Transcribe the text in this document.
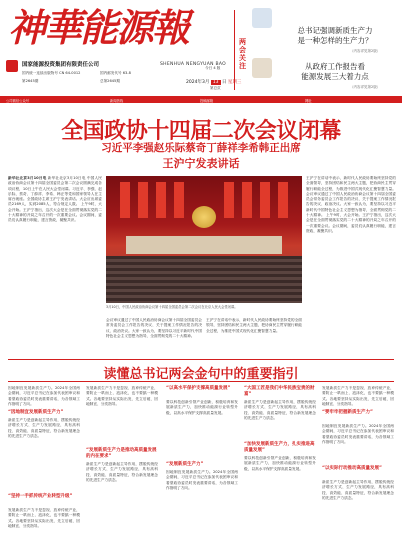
神華能源報
国家能源投资集团有限责任公司	SHENHUA NENGYUAN BAO
国内统一连续出版物号 CN 64-0012	国内邮发代号 63-8
第2645期	总第2645期	2024年3月 13 日 星期三
今日 4 版
第总页
两会关注
总书记强调新质生产力
是一种怎样的生产力？
（内容详见第2版）
从政府工作报告看
能源发展三大着力点
（内容详见第2版）
公司微信公众号	新闻热线	投稿邮箱	网址
全国政协十四届二次会议闭幕
习近平李强赵乐际蔡奇丁薛祥李希韩正出席
王沪宁发表讲话
新华社北京3月10日电 新华社北京3月10日电 中国人民政治协商会议第十四届全国委员会第二次会议圆满完成各项议程，10日上午在人民大会堂闭幕。习近平、李强、赵乐际、蔡奇、丁薛祥、李希、韩正等党和国家领导人在主席台就座。全国政协主席王沪宁发表讲话。大会应出席委员2169人，实到2085人，符合规定人数。 上午9时，大会开始。王沪宁指出，这次大会是在全面贯彻落实党的二十大精神的开局之年召开的一次重要会议。会议期间，委员们认真履行职能，建言资政，凝聚共识。
3月10日，中国人民政治协商会议第十四届全国委员会第二次会议在北京人民大会堂闭幕。
会议审议通过了中国人民政治协商会议第十四届全国委员会常务委员会工作报告的决议、关于提案工作情况报告的决议、政治决议。大家一致认为，要坚持以习近平新时代中国特色社会主义思想为指导，全面贯彻党的二十大精神。
王沪宁在讲话中表示，新时代人民政协要始终坚持党的全面领导，坚持团结和民主两大主题，把协商民主贯穿履行职能全过程，为推进中国式现代化汇聚智慧力量。
王沪宁在讲话中表示，新时代人民政协要始终坚持党的全面领导，坚持团结和民主两大主题，把协商民主贯穿履行职能全过程，为推进中国式现代化汇聚智慧力量。 会议审议通过了中国人民政治协商会议第十四届全国委员会常务委员会工作报告的决议、关于提案工作情况报告的决议、政治决议。大家一致认为，要坚持以习近平新时代中国特色社会主义思想为指导，全面贯彻党的二十大精神。 上午9时，大会开始。王沪宁指出，这次大会是在全面贯彻落实党的二十大精神的开局之年召开的一次重要会议。会议期间，委员们认真履行职能，建言资政，凝聚共识。
读懂总书记两会金句中的重要指引
因地制宜发展新质生产力。2024年全国两会期间，习近平总书记在参加代表团审议和看望政协委员时发表重要讲话，为各领域工作指明了方向。
“因地制宜发展新质生产力”
新质生产力是创新起主导作用，摆脱传统经济增长方式、生产力发展路径，具有高科技、高效能、高质量特征，符合新发展理念的先进生产力质态。
“坚持一手抓传统产业转型升级”
发展新质生产力不是忽视、放弃传统产业，要防止一哄而上、泡沫化，也不要搞一种模式。各地要坚持从实际出发，先立后破、因地制宜、分类指导。
发展新质生产力不是忽视、放弃传统产业，要防止一哄而上、泡沫化，也不要搞一种模式。各地要坚持从实际出发，先立后破、因地制宜、分类指导。
“发展新质生产力是推动高质量发展的内在要求”
新质生产力是创新起主导作用，摆脱传统经济增长方式、生产力发展路径，具有高科技、高效能、高质量特征，符合新发展理念的先进生产力质态。
“以高水平保护支撑高质量发展”
要以科技创新引领产业创新，积极培育和发展新质生产力，加快推动能源行业转型升级，以高水平保护支撑高质量发展。
“发展新质生产力”
因地制宜发展新质生产力。2024年全国两会期间，习近平总书记在参加代表团审议和看望政协委员时发表重要讲话，为各领域工作指明了方向。
“大国工匠是我们中华民族宝贵的财富”
新质生产力是创新起主导作用，摆脱传统经济增长方式、生产力发展路径，具有高科技、高效能、高质量特征，符合新发展理念的先进生产力质态。
“加快发展新质生产力，扎实推进高质量发展”
要以科技创新引领产业创新，积极培育和发展新质生产力，加快推动能源行业转型升级，以高水平保护支撑高质量发展。
发展新质生产力不是忽视、放弃传统产业，要防止一哄而上、泡沫化，也不要搞一种模式。各地要坚持从实际出发，先立后破、因地制宜、分类指导。
“要牢牢把握新质生产力”
因地制宜发展新质生产力。2024年全国两会期间，习近平总书记在参加代表团审议和看望政协委员时发表重要讲话，为各领域工作指明了方向。
“以实际行动推动高质量发展”
新质生产力是创新起主导作用，摆脱传统经济增长方式、生产力发展路径，具有高科技、高效能、高质量特征，符合新发展理念的先进生产力质态。
